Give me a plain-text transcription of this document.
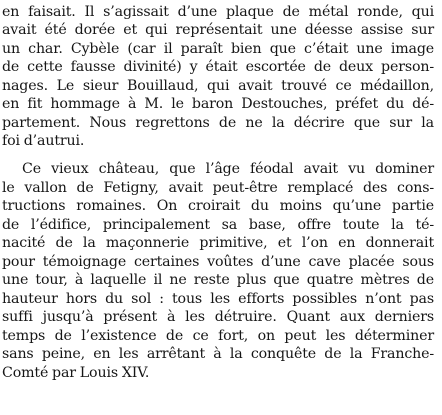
en faisait. Il s’agissait d’une plaque de métal ronde, qui
avait été dorée et qui représentait une déesse assise sur
un char. Cybèle (car il paraît bien que c’était une image
de cette fausse divinité) y était escortée de deux person-
nages. Le sieur Bouillaud, qui avait trouvé ce médaillon,
en fit hommage à M. le baron Destouches, préfet du dé-
partement. Nous regrettons de ne la décrire que sur la
foi d’autrui.
Ce vieux château, que l’âge féodal avait vu dominer
le vallon de Fetigny, avait peut-être remplacé des cons-
tructions romaines. On croirait du moins qu’une partie
de l’édifice, principalement sa base, offre toute la té-
nacité de la maçonnerie primitive, et l’on en donnerait
pour témoignage certaines voûtes d’une cave placée sous
une tour, à laquelle il ne reste plus que quatre mètres de
hauteur hors du sol : tous les efforts possibles n’ont pas
suffi jusqu’à présent à les détruire. Quant aux derniers
temps de l’existence de ce fort, on peut les déterminer
sans peine, en les arrêtant à la conquête de la Franche-
Comté par Louis XIV.
